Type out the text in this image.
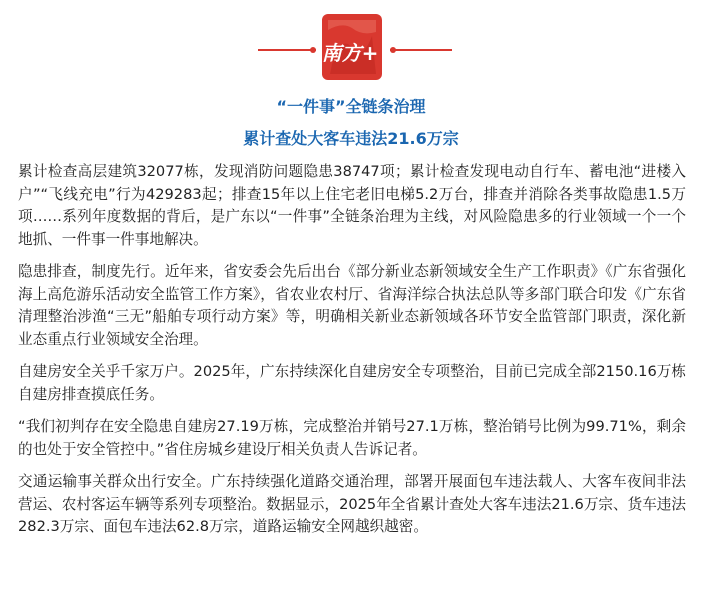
南方+
“一件事”全链条治理
累计查处大客车违法21.6万宗

累计检查高层建筑32077栋，发现消防问题隐患38747项；累计检查发现电动自行车、蓄电池“进楼入户”“飞线充电”行为429283起；排查15年以上住宅老旧电梯5.2万台，排查并消除各类事故隐患1.5万项……系列年度数据的背后，是广东以“一件事”全链条治理为主线，对风险隐患多的行业领域一个一个地抓、一件事一件事地解决。

隐患排查，制度先行。近年来，省安委会先后出台《部分新业态新领域安全生产工作职责》《广东省强化海上高危游乐活动安全监管工作方案》，省农业农村厅、省海洋综合执法总队等多部门联合印发《广东省清理整治涉渔“三无”船舶专项行动方案》等，明确相关新业态新领域各环节安全监管部门职责，深化新业态重点行业领域安全治理。

自建房安全关乎千家万户。2025年，广东持续深化自建房安全专项整治，目前已完成全部2150.16万栋自建房排查摸底任务。

“我们初判存在安全隐患自建房27.19万栋，完成整治并销号27.1万栋，整治销号比例为99.71%，剩余的也处于安全管控中。”省住房城乡建设厅相关负责人告诉记者。

交通运输事关群众出行安全。广东持续强化道路交通治理，部署开展面包车违法载人、大客车夜间非法营运、农村客运车辆等系列专项整治。数据显示，2025年全省累计查处大客车违法21.6万宗、货车违法282.3万宗、面包车违法62.8万宗，道路运输安全网越织越密。
